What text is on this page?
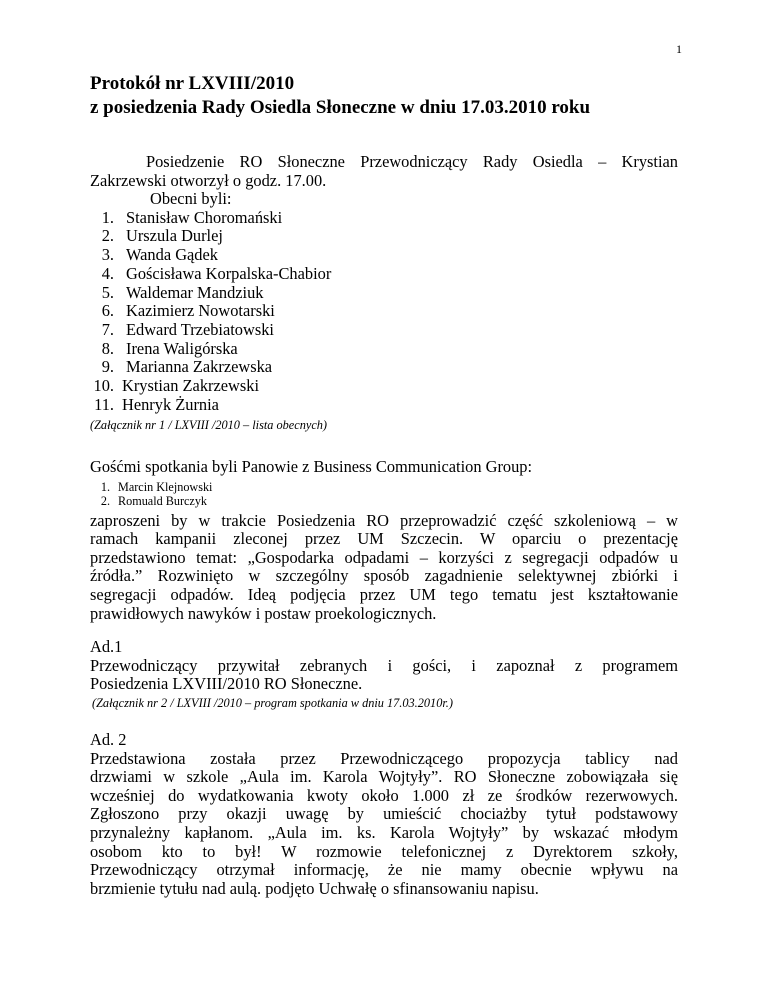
1
Protokół nr LXVIII/2010
z posiedzenia Rady Osiedla Słoneczne w dniu 17.03.2010 roku
Posiedzenie RO Słoneczne Przewodniczący Rady Osiedla – Krystian
Zakrzewski otworzył o godz. 17.00.
Obecni byli:
1. Stanisław Choromański
2. Urszula Durlej
3. Wanda Gądek
4. Gościsława Korpalska-Chabior
5. Waldemar Mandziuk
6. Kazimierz Nowotarski
7. Edward Trzebiatowski
8. Irena Waligórska
9. Marianna Zakrzewska
10. Krystian Zakrzewski
11. Henryk Żurnia
(Załącznik nr 1 / LXVIII /2010 – lista obecnych)
Gośćmi spotkania byli Panowie z Business Communication Group:
1. Marcin Klejnowski
2. Romuald Burczyk
zaproszeni by w trakcie Posiedzenia RO przeprowadzić część szkoleniową – w
ramach kampanii zleconej przez UM Szczecin. W oparciu o prezentację
przedstawiono temat: „Gospodarka odpadami – korzyści z segregacji odpadów u
źródła.” Rozwinięto w szczególny sposób zagadnienie selektywnej zbiórki i
segregacji odpadów. Ideą podjęcia przez UM tego tematu jest kształtowanie
prawidłowych nawyków i postaw proekologicznych.
Ad.1
Przewodniczący przywitał zebranych i gości, i zapoznał z programem
Posiedzenia LXVIII/2010 RO Słoneczne.
(Załącznik nr 2 / LXVIII /2010 – program spotkania w dniu 17.03.2010r.)
Ad. 2
Przedstawiona została przez Przewodniczącego propozycja tablicy nad
drzwiami w szkole „Aula im. Karola Wojtyły”. RO Słoneczne zobowiązała się
wcześniej do wydatkowania kwoty około 1.000 zł ze środków rezerwowych.
Zgłoszono przy okazji uwagę by umieścić chociażby tytuł podstawowy
przynależny kapłanom. „Aula im. ks. Karola Wojtyły” by wskazać młodym
osobom kto to był! W rozmowie telefonicznej z Dyrektorem szkoły,
Przewodniczący otrzymał informację, że nie mamy obecnie wpływu na
brzmienie tytułu nad aulą. podjęto Uchwałę o sfinansowaniu napisu.
